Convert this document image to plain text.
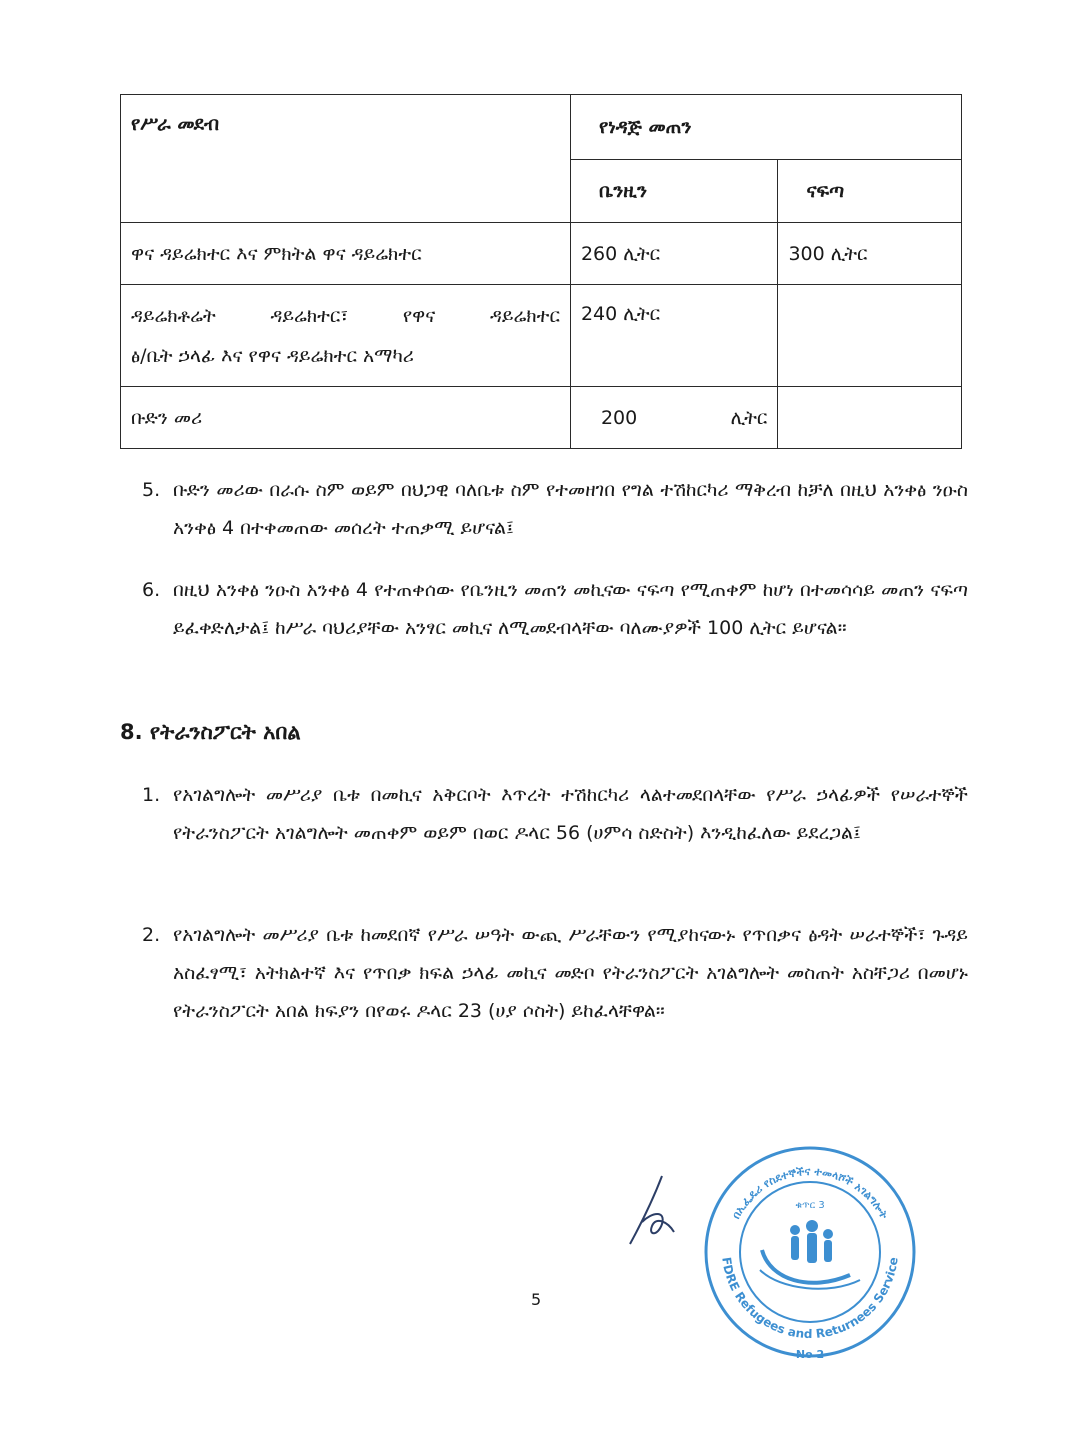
የሥራ መደብ	የነዳጅ መጠን	
	ቤንዚን	ናፍጣ
ዋና ዳይሬክተር እና ምክትል ዋና ዳይሬክተር	260 ሊትር	300 ሊትር

ዳይሬክቶሬት ዳይሬክተር፣ የዋና ዳይሬክተር
ፅ/ቤት ኃላፊ እና የዋና ዳይሬክተር አማካሪ	240 ሊትር	
ቡድን መሪ	200 ሊትር	

5. ቡድን መሪው በራሱ ስም ወይም በህጋዊ ባለቤቱ ስም የተመዘገበ የግል ተሽከርካሪ ማቅረብ ከቻለ በዚህ አንቀፅ ንዑስ አንቀፅ 4 በተቀመጠው መሰረት ተጠቃሚ ይሆናል፤
6. በዚህ አንቀፅ ንዑስ አንቀፅ 4 የተጠቀሰው የቤንዚን መጠን መኪናው ናፍጣ የሚጠቀም ከሆነ በተመሳሳይ መጠን ናፍጣ ይፈቀድለታል፤ ከሥራ ባህሪያቸው አንፃር መኪና ለሚመደብላቸው ባለሙያዎች 100 ሊትር ይሆናል።
8. የትራንስፖርት አበል
1. የአገልግሎት መሥሪያ ቤቱ በመኪና አቅርቦት እጥረት ተሽከርካሪ ላልተመደበላቸው የሥራ ኃላፊዎች የሠራተኞች የትራንስፖርት አገልግሎት መጠቀም ወይም በወር ዶላር 56 (ሀምሳ ስድስት) እንዲከፈለው ይደረጋል፤
2. የአገልግሎት መሥሪያ ቤቱ ከመደበኛ የሥራ ሠዓት ውጪ ሥራቸውን የሚያከናውኑ የጥበቃና ፅዳት ሠራተኞች፣ ጉዳይ አስፈፃሚ፣ አትክልተኛ እና የጥበቃ ክፍል ኃላፊ መኪና መድቦ የትራንስፖርት አገልግሎት መስጠት አስቸጋሪ በመሆኑ የትራንስፖርት አበል ክፍያን በየወሩ ዶላር 23 (ሀያ ሶስት) ይከፈላቸዋል።
በኢፌዴሪ የስደተኞችና ተመላሾች አገልግሎት
FDRE Refugees and Returnees Service
ቁጥር 3
No 2
5
